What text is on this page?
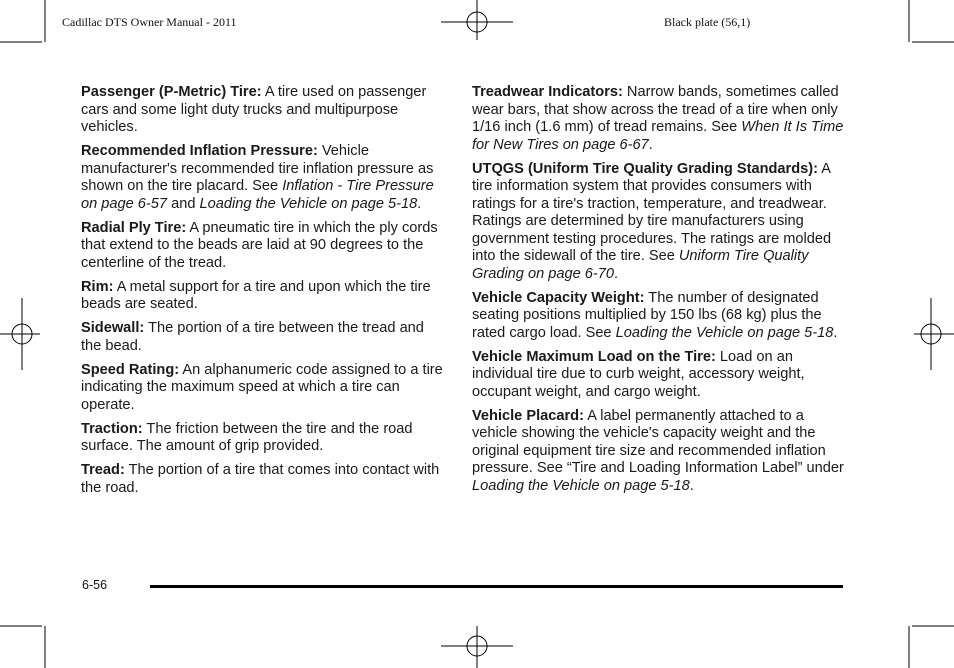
Cadillac DTS Owner Manual - 2011	Black plate (56,1)

Passenger (P-Metric) Tire: A tire used on passenger cars and some light duty trucks and multipurpose vehicles.

Recommended Inflation Pressure: Vehicle manufacturer's recommended tire inflation pressure as shown on the tire placard. See Inflation - Tire Pressure on page 6‑57 and Loading the Vehicle on page 5‑18.

Radial Ply Tire: A pneumatic tire in which the ply cords that extend to the beads are laid at 90 degrees to the centerline of the tread.

Rim: A metal support for a tire and upon which the tire beads are seated.

Sidewall: The portion of a tire between the tread and the bead.

Speed Rating: An alphanumeric code assigned to a tire indicating the maximum speed at which a tire can operate.

Traction: The friction between the tire and the road surface. The amount of grip provided.

Tread: The portion of a tire that comes into contact with the road.

Treadwear Indicators: Narrow bands, sometimes called wear bars, that show across the tread of a tire when only 1/16 inch (1.6 mm) of tread remains. See When It Is Time for New Tires on page 6‑67.

UTQGS (Uniform Tire Quality Grading Standards): A tire information system that provides consumers with ratings for a tire's traction, temperature, and treadwear. Ratings are determined by tire manufacturers using government testing procedures. The ratings are molded into the sidewall of the tire. See Uniform Tire Quality Grading on page 6‑70.

Vehicle Capacity Weight: The number of designated seating positions multiplied by 150 lbs (68 kg) plus the rated cargo load. See Loading the Vehicle on page 5‑18.

Vehicle Maximum Load on the Tire: Load on an individual tire due to curb weight, accessory weight, occupant weight, and cargo weight.

Vehicle Placard: A label permanently attached to a vehicle showing the vehicle's capacity weight and the original equipment tire size and recommended inflation pressure. See “Tire and Loading Information Label” under Loading the Vehicle on page 5‑18.

6-56
